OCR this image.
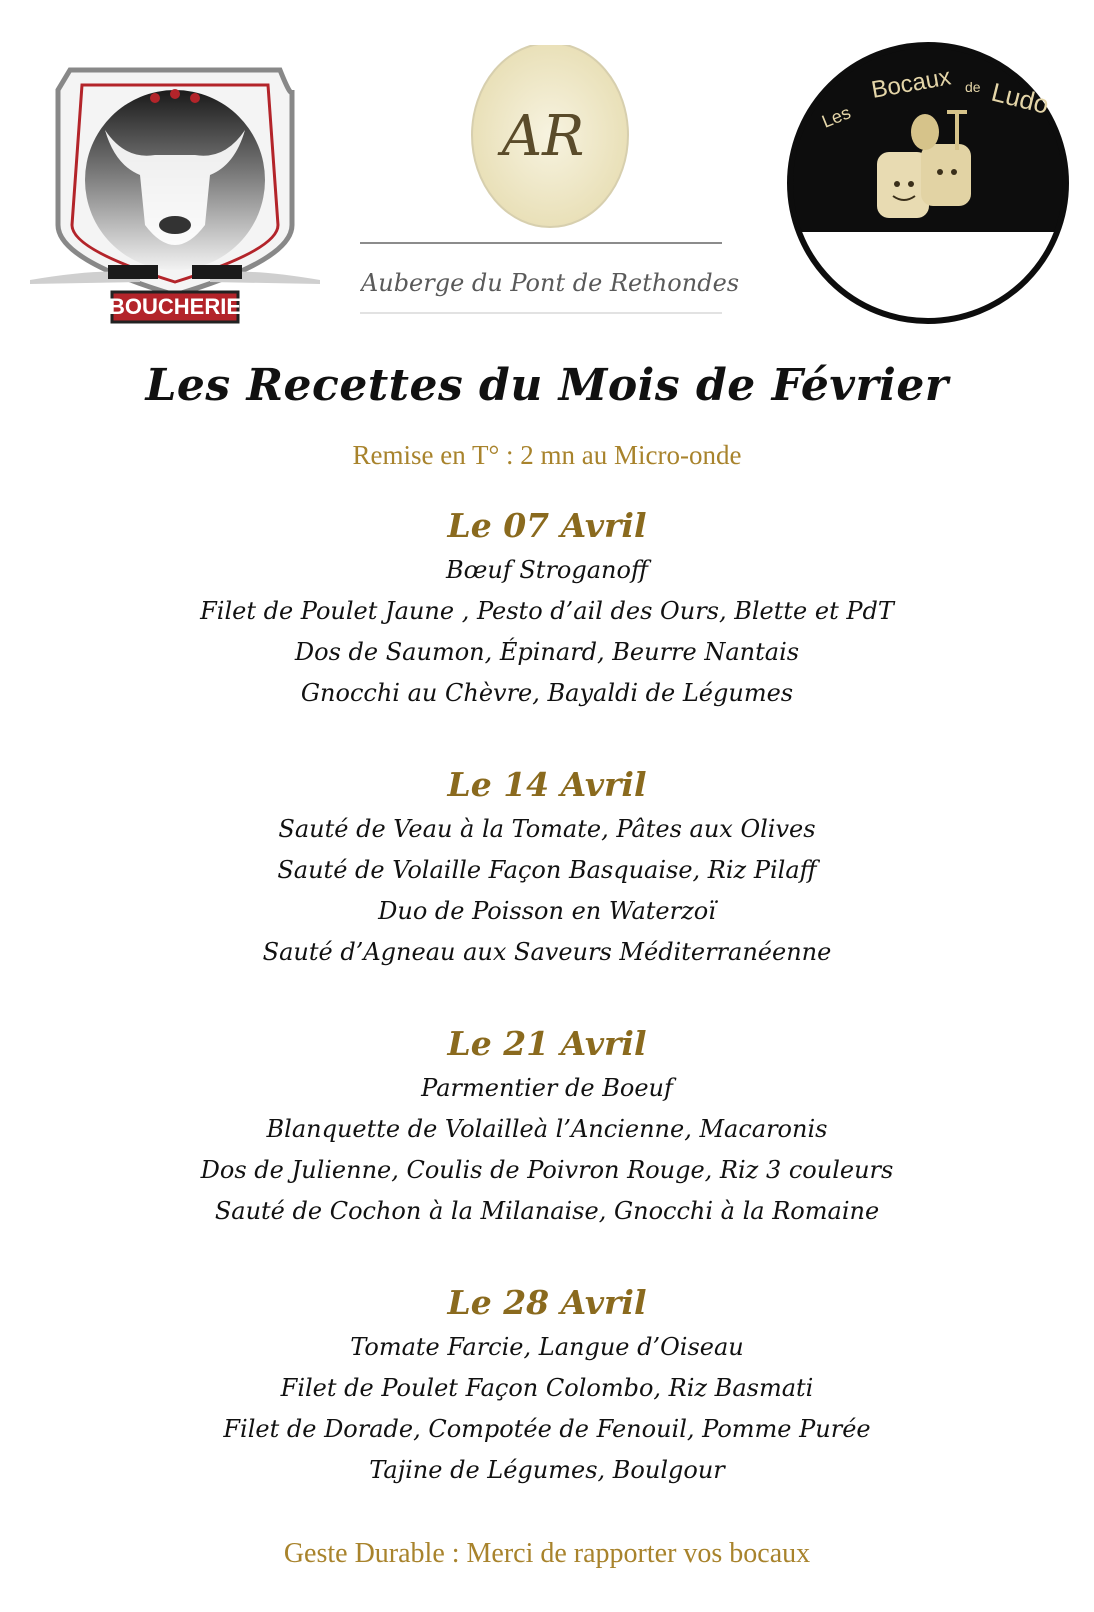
BOUCHERIE
AR
Auberge du Pont de Rethondes
Les
Bocaux de Ludo
Les Recettes du Mois de Février
Remise en T° : 2 mn au Micro-onde
Le 07 Avril
Bœuf Stroganoff
Filet de Poulet Jaune , Pesto d’ail des Ours, Blette et PdT
Dos de Saumon, Épinard, Beurre Nantais
Gnocchi au Chèvre, Bayaldi de Légumes
Le 14 Avril
Sauté de Veau à la Tomate, Pâtes aux Olives
Sauté de Volaille Façon Basquaise, Riz Pilaff
Duo de Poisson en Waterzoï
Sauté d’Agneau aux Saveurs Méditerranéenne
Le 21 Avril
Parmentier de Boeuf
Blanquette de Volailleà l’Ancienne, Macaronis
Dos de Julienne, Coulis de Poivron Rouge, Riz 3 couleurs
Sauté de Cochon à la Milanaise, Gnocchi à la Romaine
Le 28 Avril
Tomate Farcie, Langue d’Oiseau
Filet de Poulet Façon Colombo, Riz Basmati
Filet de Dorade, Compotée de Fenouil, Pomme Purée
Tajine de Légumes, Boulgour
Geste Durable : Merci de rapporter vos bocaux
